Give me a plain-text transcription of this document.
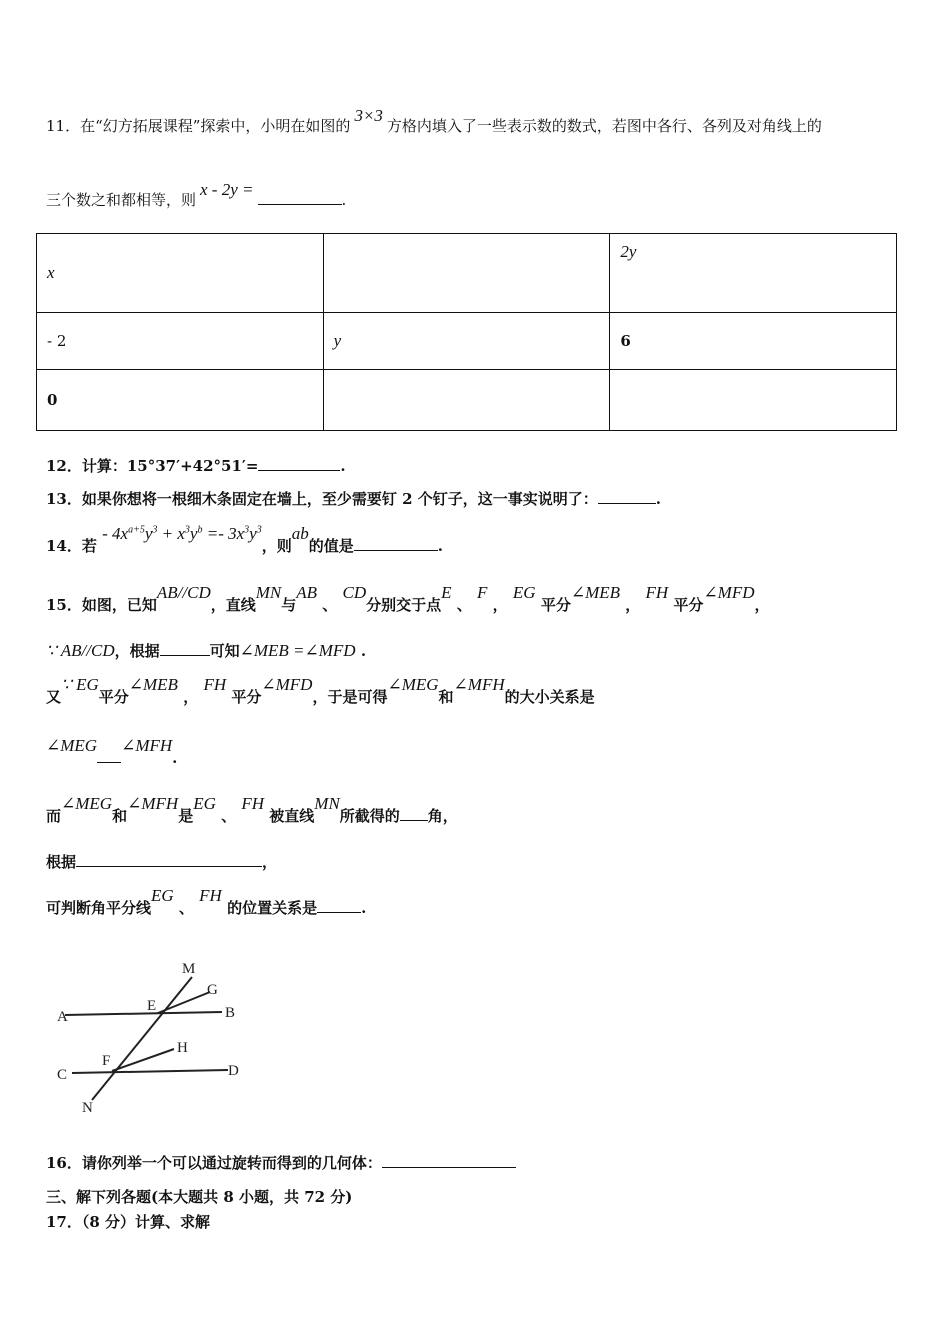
11．在“幻方拓展课程”探索中，小明在如图的3×3方格内填入了一些表示数的数式，若图中各行、各列及对角线上的
三个数之和都相等，则x - 2y =.
x		2y
- 2	y	6
0		
12．计算：15°37′+42°51′=	.
13．如果你想将一根细木条固定在墙上，至少需要钉 2 个钉子，这一事实说明了：	.
14．若 - $4x^{a+5}y^3 + x^3y^b =- 3x^3y^3$，则ab的值是	.
15．如图，已知AB//CD，直线MN与AB 、 CD分别交于点E 、 F ， EG 平分∠MEB ， FH 平分∠MFD，
∵ AB//CD，根据	可知∠MEB =∠MFD .
又∵ EG平分∠MEB ， FH 平分∠MFD，于是可得∠MEG和∠MFH的大小关系是
∠MEG ∠MFH.
而∠MEG和∠MFH是EG 、 FH 被直线MN所截得的 角，
根据	，
可判断角平分线EG 、 FH 的位置关系是	.
M
G
A
E	B
H
C
F
D
N
16．请你列举一个可以通过旋转而得到的几何体：
三、解下列各题(本大题共 8 小题，共 72 分)
17．（8 分）计算、求解
